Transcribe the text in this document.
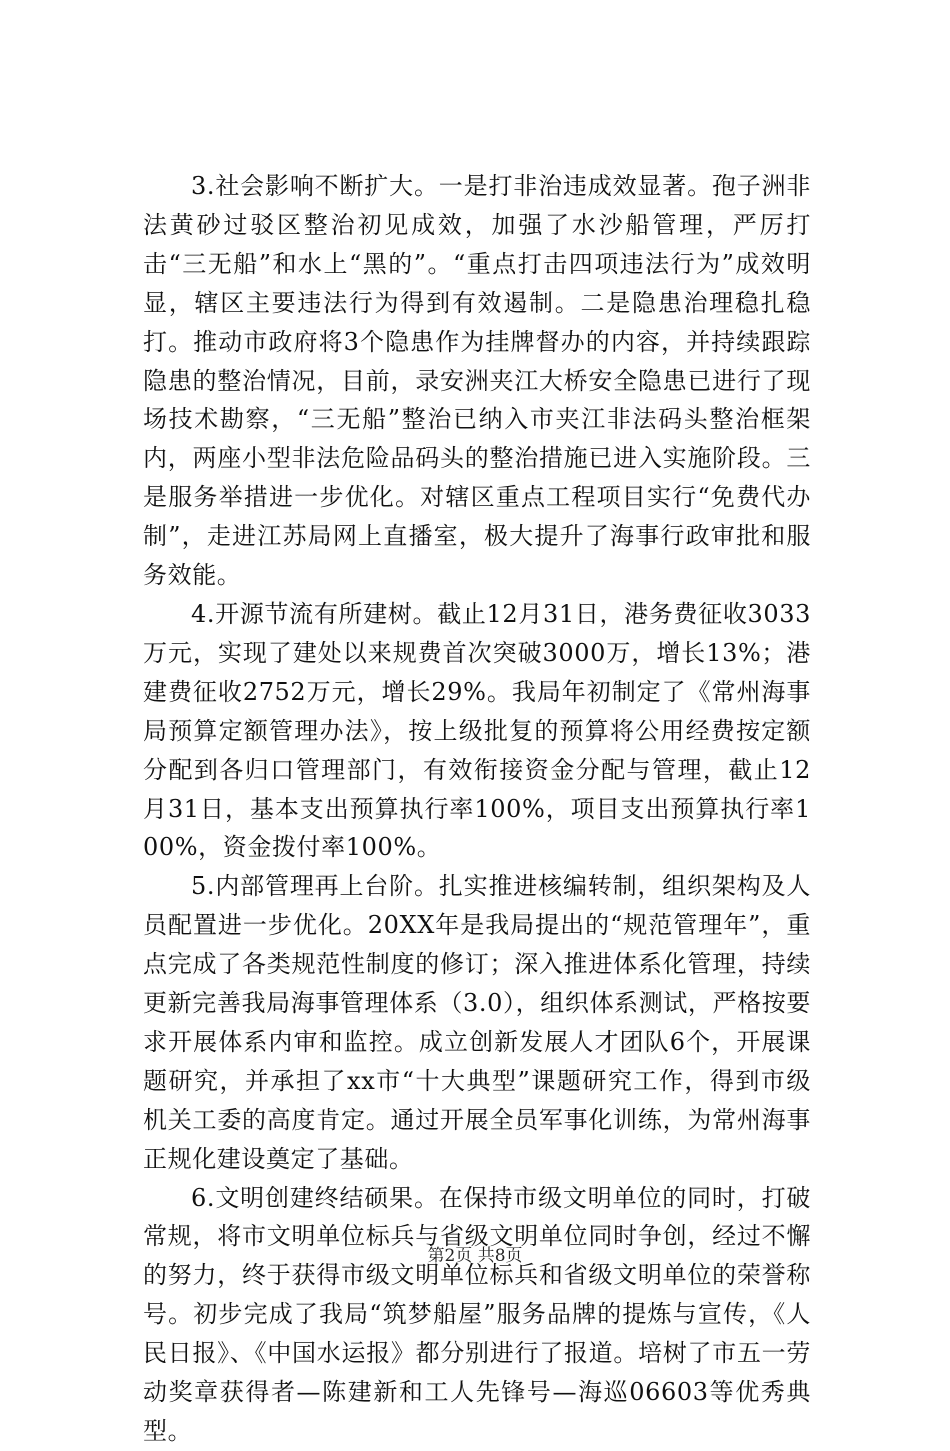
3.社会影响不断扩大。一是打非治违成效显著。孢子洲非法黄砂过驳区整治初见成效，加强了水沙船管理，严厉打击“三无船”和水上“黑的”。“重点打击四项违法行为”成效明显，辖区主要违法行为得到有效遏制。二是隐患治理稳扎稳打。推动市政府将3个隐患作为挂牌督办的内容，并持续跟踪隐患的整治情况，目前，录安洲夹江大桥安全隐患已进行了现场技术勘察，“三无船”整治已纳入市夹江非法码头整治框架内，两座小型非法危险品码头的整治措施已进入实施阶段。三是服务举措进一步优化。对辖区重点工程项目实行“免费代办制”，走进江苏局网上直播室，极大提升了海事行政审批和服务效能。

4.开源节流有所建树。截止12月31日，港务费征收3033万元，实现了建处以来规费首次突破3000万，增长13%；港建费征收2752万元，增长29%。我局年初制定了《常州海事局预算定额管理办法》，按上级批复的预算将公用经费按定额分配到各归口管理部门，有效衔接资金分配与管理，截止12月31日，基本支出预算执行率100%，项目支出预算执行率100%，资金拨付率100%。

5.内部管理再上台阶。扎实推进核编转制，组织架构及人员配置进一步优化。20XX年是我局提出的“规范管理年”，重点完成了各类规范性制度的修订；深入推进体系化管理，持续更新完善我局海事管理体系（3.0），组织体系测试，严格按要求开展体系内审和监控。成立创新发展人才团队6个，开展课题研究，并承担了xx市“十大典型”课题研究工作，得到市级机关工委的高度肯定。通过开展全员军事化训练，为常州海事正规化建设奠定了基础。

6.文明创建终结硕果。在保持市级文明单位的同时，打破常规，将市文明单位标兵与省级文明单位同时争创，经过不懈的努力，终于获得市级文明单位标兵和省级文明单位的荣誉称号。初步完成了我局“筑梦船屋”服务品牌的提炼与宣传，《人民日报》、《中国水运报》都分别进行了报道。培树了市五一劳动奖章获得者—陈建新和工人先锋号—海巡06603等优秀典型。

第2页 共8页
